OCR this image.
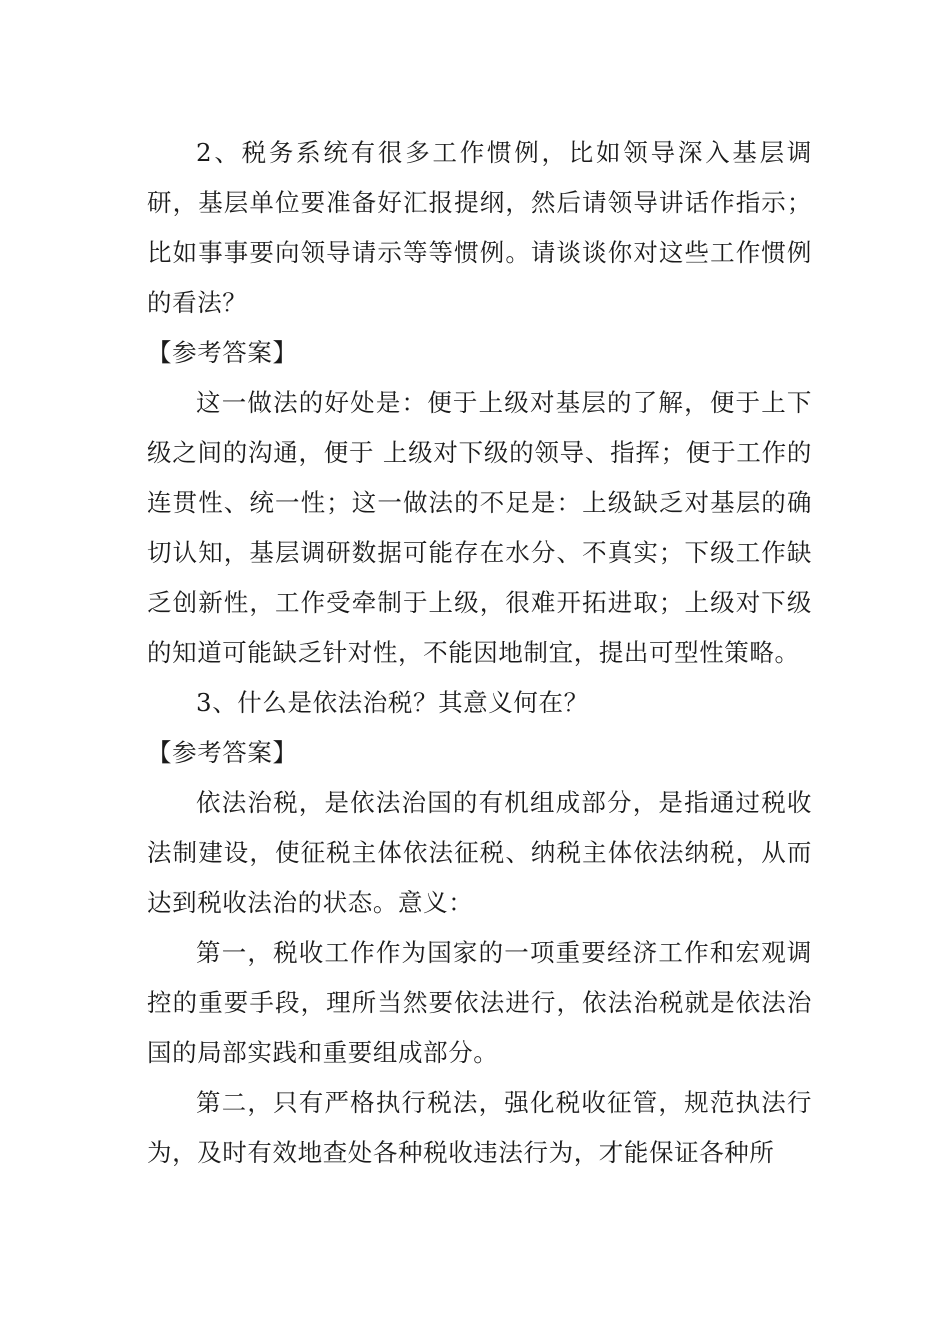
2、税务系统有很多工作惯例，比如领导深入基层调研，基层单位要准备好汇报提纲，然后请领导讲话作指示；比如事事要向领导请示等等惯例。请谈谈你对这些工作惯例的看法？

【参考答案】

这一做法的好处是：便于上级对基层的了解，便于上下级之间的沟通，便于 上级对下级的领导、指挥；便于工作的连贯性、统一性；这一做法的不足是：上级缺乏对基层的确切认知，基层调研数据可能存在水分、不真实；下级工作缺乏创新性，工作受牵制于上级，很难开拓进取；上级对下级的知道可能缺乏针对性，不能因地制宜，提出可型性策略。

3、什么是依法治税？其意义何在？

【参考答案】

依法治税，是依法治国的有机组成部分，是指通过税收法制建设，使征税主体依法征税、纳税主体依法纳税，从而达到税收法治的状态。意义：

第一，税收工作作为国家的一项重要经济工作和宏观调控的重要手段，理所当然要依法进行，依法治税就是依法治国的局部实践和重要组成部分。

第二，只有严格执行税法，强化税收征管，规范执法行为，及时有效地查处各种税收违法行为，才能保证各种所
